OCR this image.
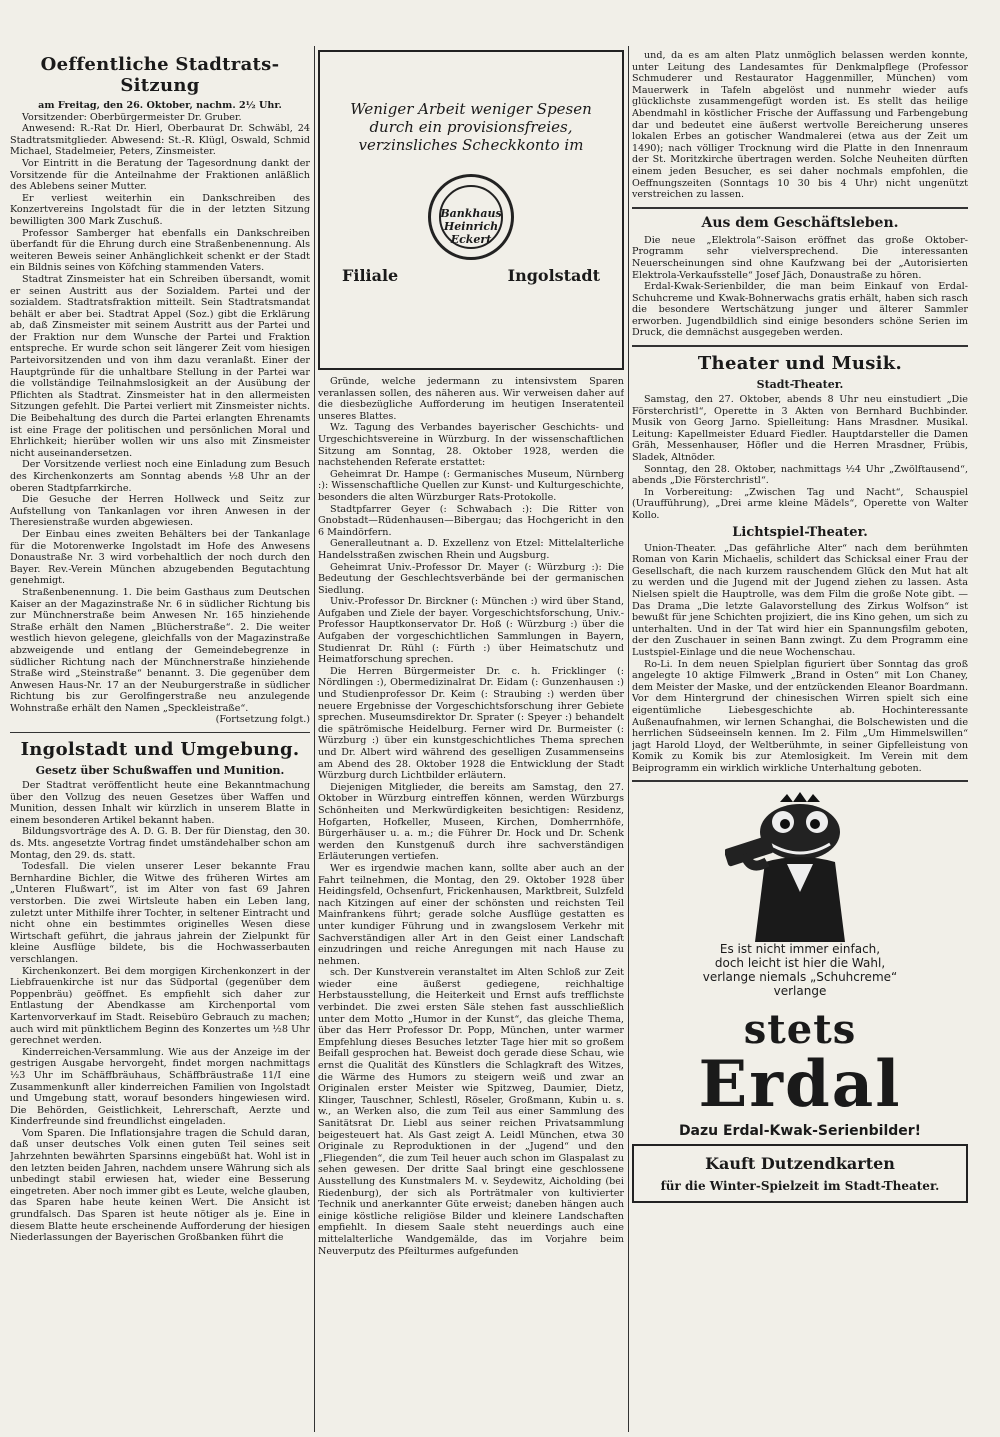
Oeffentliche Stadtrats-Sitzung

am Freitag, den 26. Oktober, nachm. 2½ Uhr.

Vorsitzender: Oberbürgermeister Dr. Gruber.

Anwesend: R.-Rat Dr. Hierl, Oberbaurat Dr. Schwäbl, 24 Stadtratsmitglieder. Abwesend: St.-R. Klügl, Oswald, Schmid Michael, Stadelmeier, Peters, Zinsmeister.

Vor Eintritt in die Beratung der Tagesordnung dankt der Vorsitzende für die Anteilnahme der Fraktionen anläßlich des Ablebens seiner Mutter.

Er verliest weiterhin ein Dankschreiben des Konzertvereins Ingolstadt für die in der letzten Sitzung bewilligten 300 Mark Zuschuß.

Professor Samberger hat ebenfalls ein Dankschreiben überfandt für die Ehrung durch eine Straßenbenennung. Als weiteren Beweis seiner Anhänglichkeit schenkt er der Stadt ein Bildnis seines von Köfching stammenden Vaters.

Stadtrat Zinsmeister hat ein Schreiben übersandt, womit er seinen Austritt aus der Sozialdem. Partei und der sozialdem. Stadtratsfraktion mitteilt. Sein Stadtratsmandat behält er aber bei. Stadtrat Appel (Soz.) gibt die Erklärung ab, daß Zinsmeister mit seinem Austritt aus der Partei und der Fraktion nur dem Wunsche der Partei und Fraktion entspreche. Er wurde schon seit längerer Zeit vom hiesigen Parteivorsitzenden und von ihm dazu veranlaßt. Einer der Hauptgründe für die unhaltbare Stellung in der Partei war die vollständige Teilnahmslosigkeit an der Ausübung der Pflichten als Stadtrat. Zinsmeister hat in den allermeisten Sitzungen gefehlt. Die Partei verliert mit Zinsmeister nichts. Die Beibehaltung des durch die Partei erlangten Ehrenamts ist eine Frage der politischen und persönlichen Moral und Ehrlichkeit; hierüber wollen wir uns also mit Zinsmeister nicht auseinandersetzen.

Der Vorsitzende verliest noch eine Einladung zum Besuch des Kirchenkonzerts am Sonntag abends ½8 Uhr an der oberen Stadtpfarrkirche.

Die Gesuche der Herren Hollweck und Seitz zur Aufstellung von Tankanlagen vor ihren Anwesen in der Theresienstraße wurden abgewiesen.

Der Einbau eines zweiten Behälters bei der Tankanlage für die Motorenwerke Ingolstadt im Hofe des Anwesens Donaustraße Nr. 3 wird vorbehaltlich der noch durch den Bayer. Rev.-Verein München abzugebenden Begutachtung genehmigt.

Straßenbenennung. 1. Die beim Gasthaus zum Deutschen Kaiser an der Magazinstraße Nr. 6 in südlicher Richtung bis zur Münchnerstraße beim Anwesen Nr. 165 hinziehende Straße erhält den Namen „Blücherstraße“. 2. Die weiter westlich hievon gelegene, gleichfalls von der Magazinstraße abzweigende und entlang der Gemeindebegrenze in südlicher Richtung nach der Münchnerstraße hinziehende Straße wird „Steinstraße“ benannt. 3. Die gegenüber dem Anwesen Haus-Nr. 17 an der Neuburgerstraße in südlicher Richtung bis zur Gerolfingerstraße neu anzulegende Wohnstraße erhält den Namen „Speckleistraße“.

(Fortsetzung folgt.)

Ingolstadt und Umgebung.
Gesetz über Schußwaffen und Munition.

Der Stadtrat veröffentlicht heute eine Bekanntmachung über den Vollzug des neuen Gesetzes über Waffen und Munition, dessen Inhalt wir kürzlich in unserem Blatte in einem besonderen Artikel bekannt haben.

Bildungsvorträge des A. D. G. B. Der für Dienstag, den 30. ds. Mts. angesetzte Vortrag findet umständehalber schon am Montag, den 29. ds. statt.

Todesfall. Die vielen unserer Leser bekannte Frau Bernhardine Bichler, die Witwe des früheren Wirtes am „Unteren Flußwart“, ist im Alter von fast 69 Jahren verstorben. Die zwei Wirtsleute haben ein Leben lang, zuletzt unter Mithilfe ihrer Tochter, in seltener Eintracht und nicht ohne ein bestimmtes originelles Wesen diese Wirtschaft geführt, die jahraus jahrein der Zielpunkt für kleine Ausflüge bildete, bis die Hochwasserbauten verschlangen.

Kirchenkonzert. Bei dem morgigen Kirchenkonzert in der Liebfrauenkirche ist nur das Südportal (gegenüber dem Poppenbräu) geöffnet. Es empfiehlt sich daher zur Entlastung der Abendkasse am Kirchenportal vom Kartenvorverkauf im Stadt. Reisebüro Gebrauch zu machen; auch wird mit pünktlichem Beginn des Konzertes um ½8 Uhr gerechnet werden.

Kinderreichen-Versammlung. Wie aus der Anzeige im der gestrigen Ausgabe hervorgeht, findet morgen nachmittags ½3 Uhr im Schäffbräuhaus, Schäffbräustraße 11/I eine Zusammenkunft aller kinderreichen Familien von Ingolstadt und Umgebung statt, worauf besonders hingewiesen wird. Die Behörden, Geistlichkeit, Lehrerschaft, Aerzte und Kinderfreunde sind freundlichst eingeladen.

Vom Sparen. Die Inflationsjahre tragen die Schuld daran, daß unser deutsches Volk einen guten Teil seines seit Jahrzehnten bewährten Sparsinns eingebüßt hat. Wohl ist in den letzten beiden Jahren, nachdem unsere Währung sich als unbedingt stabil erwiesen hat, wieder eine Besserung eingetreten. Aber noch immer gibt es Leute, welche glauben, das Sparen habe heute keinen Wert. Die Ansicht ist grundfalsch. Das Sparen ist heute nötiger als je. Eine in diesem Blatte heute erscheinende Aufforderung der hiesigen Niederlassungen der Bayerischen Großbanken führt die

Weniger Arbeit weniger Spesen durch ein provisionsfreies, verzinsliches Scheckkonto im
Bankhaus Heinrich Eckert
Filiale	Ingolstadt

Gründe, welche jedermann zu intensivstem Sparen veranlassen sollen, des näheren aus. Wir verweisen daher auf die diesbezügliche Aufforderung im heutigen Inseratenteil unseres Blattes.

Wz. Tagung des Verbandes bayerischer Geschichts- und Urgeschichtsvereine in Würzburg. In der wissenschaftlichen Sitzung am Sonntag, 28. Oktober 1928, werden die nachstehenden Referate erstattet:

Geheimrat Dr. Hampe (: Germanisches Museum, Nürnberg :): Wissenschaftliche Quellen zur Kunst- und Kulturgeschichte, besonders die alten Würzburger Rats-Protokolle.

Stadtpfarrer Geyer (: Schwabach :): Die Ritter von Gnobstadt—Rüdenhausen—Bibergau; das Hochgericht in den 6 Maindörfern.

Generalleutnant a. D. Exzellenz von Etzel: Mittelalterliche Handelsstraßen zwischen Rhein und Augsburg.

Geheimrat Univ.-Professor Dr. Mayer (: Würzburg :): Die Bedeutung der Geschlechtsverbände bei der germanischen Siedlung.

Univ.-Professor Dr. Birckner (: München :) wird über Stand, Aufgaben und Ziele der bayer. Vorgeschichtsforschung, Univ.-Professor Hauptkonservator Dr. Hoß (: Würzburg :) über die Aufgaben der vorgeschichtlichen Sammlungen in Bayern, Studienrat Dr. Rühl (: Fürth :) über Heimatschutz und Heimatforschung sprechen.

Die Herren Bürgermeister Dr. c. h. Fricklinger (: Nördlingen :), Obermedizinalrat Dr. Eidam (: Gunzenhausen :) und Studienprofessor Dr. Keim (: Straubing :) werden über neuere Ergebnisse der Vorgeschichtsforschung ihrer Gebiete sprechen. Museumsdirektor Dr. Sprater (: Speyer :) behandelt die spätrömische Heidelburg. Ferner wird Dr. Burmeister (: Würzburg :) über ein kunstgeschichtliches Thema sprechen und Dr. Albert wird während des geselligen Zusammenseins am Abend des 28. Oktober 1928 die Entwicklung der Stadt Würzburg durch Lichtbilder erläutern.

Diejenigen Mitglieder, die bereits am Samstag, den 27. Oktober in Würzburg eintreffen können, werden Würzburgs Schönheiten und Merkwürdigkeiten besichtigen: Residenz, Hofgarten, Hofkeller, Museen, Kirchen, Domherrnhöfe, Bürgerhäuser u. a. m.; die Führer Dr. Hock und Dr. Schenk werden den Kunstgenuß durch ihre sachverständigen Erläuterungen vertiefen.

Wer es irgendwie machen kann, sollte aber auch an der Fahrt teilnehmen, die Montag, den 29. Oktober 1928 über Heidingsfeld, Ochsenfurt, Frickenhausen, Marktbreit, Sulzfeld nach Kitzingen auf einer der schönsten und reichsten Teil Mainfrankens führt; gerade solche Ausflüge gestatten es unter kundiger Führung und in zwangslosem Verkehr mit Sachverständigen aller Art in den Geist einer Landschaft einzudringen und reiche Anregungen mit nach Hause zu nehmen.

sch. Der Kunstverein veranstaltet im Alten Schloß zur Zeit wieder eine äußerst gediegene, reichhaltige Herbstausstellung, die Heiterkeit und Ernst aufs trefflichste verbindet. Die zwei ersten Säle stehen fast ausschließlich unter dem Motto „Humor in der Kunst“, das gleiche Thema, über das Herr Professor Dr. Popp, München, unter warmer Empfehlung dieses Besuches letzter Tage hier mit so großem Beifall gesprochen hat. Beweist doch gerade diese Schau, wie ernst die Qualität des Künstlers die Schlagkraft des Witzes, die Wärme des Humors zu steigern weiß und zwar an Originalen erster Meister wie Spitzweg, Daumier, Dietz, Klinger, Tauschner, Schlestl, Röseler, Großmann, Kubin u. s. w., an Werken also, die zum Teil aus einer Sammlung des Sanitätsrat Dr. Liebl aus seiner reichen Privatsammlung beigesteuert hat. Als Gast zeigt A. Leidl München, etwa 30 Originale zu Reproduktionen in der „Jugend“ und den „Fliegenden“, die zum Teil heuer auch schon im Glaspalast zu sehen gewesen. Der dritte Saal bringt eine geschlossene Ausstellung des Kunstmalers M. v. Seydewitz, Aicholding (bei Riedenburg), der sich als Porträtmaler von kultivierter Technik und anerkannter Güte erweist; daneben hängen auch einige köstliche religiöse Bilder und kleinere Landschaften empfiehlt. In diesem Saale steht neuerdings auch eine mittelalterliche Wandgemälde, das im Vorjahre beim Neuverputz des Pfeilturmes aufgefunden

und, da es am alten Platz unmöglich belassen werden konnte, unter Leitung des Landesamtes für Denkmalpflege (Professor Schmuderer und Restaurator Haggenmiller, München) vom Mauerwerk in Tafeln abgelöst und nunmehr wieder aufs glücklichste zusammengefügt worden ist. Es stellt das heilige Abendmahl in köstlicher Frische der Auffassung und Farbengebung dar und bedeutet eine äußerst wertvolle Bereicherung unseres lokalen Erbes an gotischer Wandmalerei (etwa aus der Zeit um 1490); nach völliger Trocknung wird die Platte in den Innenraum der St. Moritzkirche übertragen werden. Solche Neuheiten dürften einem jeden Besucher, es sei daher nochmals empfohlen, die Oeffnungszeiten (Sonntags 10 30 bis 4 Uhr) nicht ungenützt verstreichen zu lassen.

Aus dem Geschäftsleben.

Die neue „Elektrola“-Saison eröffnet das große Oktober-Programm sehr vielversprechend. Die interessanten Neuerscheinungen sind ohne Kaufzwang bei der „Autorisierten Elektrola-Verkaufsstelle“ Josef Jäch, Donaustraße zu hören.

Erdal-Kwak-Serienbilder, die man beim Einkauf von Erdal-Schuhcreme und Kwak-Bohnerwachs gratis erhält, haben sich rasch die besondere Wertschätzung junger und älterer Sammler erworben. Jugendbildlich sind einige besonders schöne Serien im Druck, die demnächst ausgegeben werden.

Theater und Musik.
Stadt-Theater.

Samstag, den 27. Oktober, abends 8 Uhr neu einstudiert „Die Försterchristl“, Operette in 3 Akten von Bernhard Buchbinder. Musik von Georg Jarno. Spielleitung: Hans Mrasdner. Musikal. Leitung: Kapellmeister Eduard Fiedler. Hauptdarsteller die Damen Gräh, Messenhauser, Höfler und die Herren Mrasdner, Frübis, Sladek, Altnöder.

Sonntag, den 28. Oktober, nachmittags ½4 Uhr „Zwölftausend“, abends „Die Försterchristl“.

In Vorbereitung: „Zwischen Tag und Nacht“, Schauspiel (Uraufführung), „Drei arme kleine Mädels“, Operette von Walter Kollo.

Lichtspiel-Theater.

Union-Theater. „Das gefährliche Alter“ nach dem berühmten Roman von Karin Michaelis, schildert das Schicksal einer Frau der Gesellschaft, die nach kurzem rauschendem Glück den Mut hat alt zu werden und die Jugend mit der Jugend ziehen zu lassen. Asta Nielsen spielt die Hauptrolle, was dem Film die große Note gibt. — Das Drama „Die letzte Galavorstellung des Zirkus Wolfson“ ist bewußt für jene Schichten projiziert, die ins Kino gehen, um sich zu unterhalten. Und in der Tat wird hier ein Spannungsfilm geboten, der den Zuschauer in seinen Bann zwingt. Zu dem Programm eine Lustspiel-Einlage und die neue Wochenschau.

Ro-Li. In dem neuen Spielplan figuriert über Sonntag das groß angelegte 10 aktige Filmwerk „Brand in Osten“ mit Lon Chaney, dem Meister der Maske, und der entzückenden Eleanor Boardmann. Vor dem Hintergrund der chinesischen Wirren spielt sich eine eigentümliche Liebesgeschichte ab. Hochinteressante Außenaufnahmen, wir lernen Schanghai, die Bolschewisten und die herrlichen Südseeinseln kennen. Im 2. Film „Um Himmelswillen“ jagt Harold Lloyd, der Weltberühmte, in seiner Gipfelleistung von Komik zu Komik bis zur Atemlosigkeit. Im Verein mit dem Beiprogramm ein wirklich wirkliche Unterhaltung geboten.

Es ist nicht immer einfach,
doch leicht ist hier die Wahl,
verlange niemals „Schuhcreme“
verlange
stets
Erdal
Dazu Erdal-Kwak-Serienbilder!
Kauft Dutzendkarten
für die Winter-Spielzeit im Stadt-Theater.
